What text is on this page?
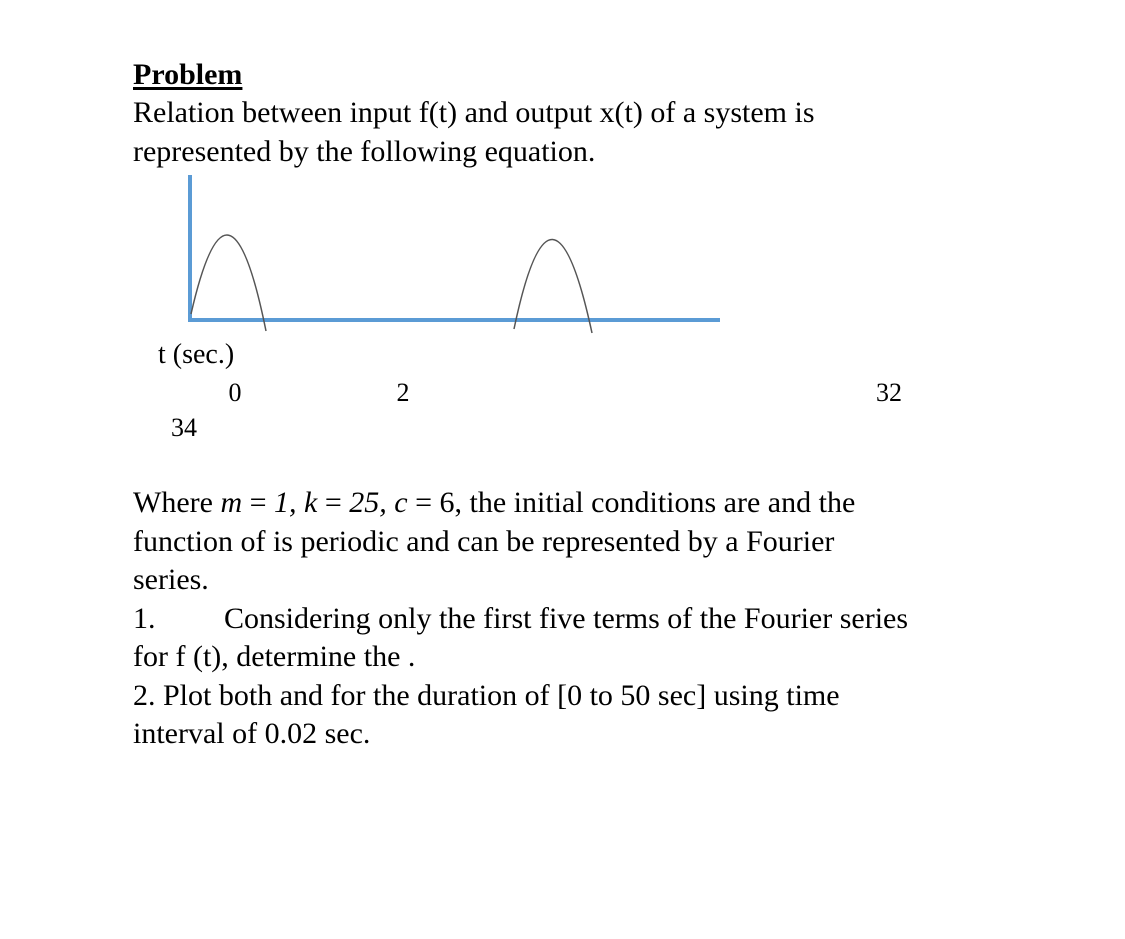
Problem
Relation between input f(t) and output x(t) of a system is
represented by the following equation.
t (sec.)
0	2	32
34
Where m = 1, k = 25, c = 6, the initial conditions are and the
function of is periodic and can be represented by a Fourier
series.
1. Considering only the first five terms of the Fourier series
for f (t), determine the .
2. Plot both and for the duration of [0 to 50 sec] using time
interval of 0.02 sec.
